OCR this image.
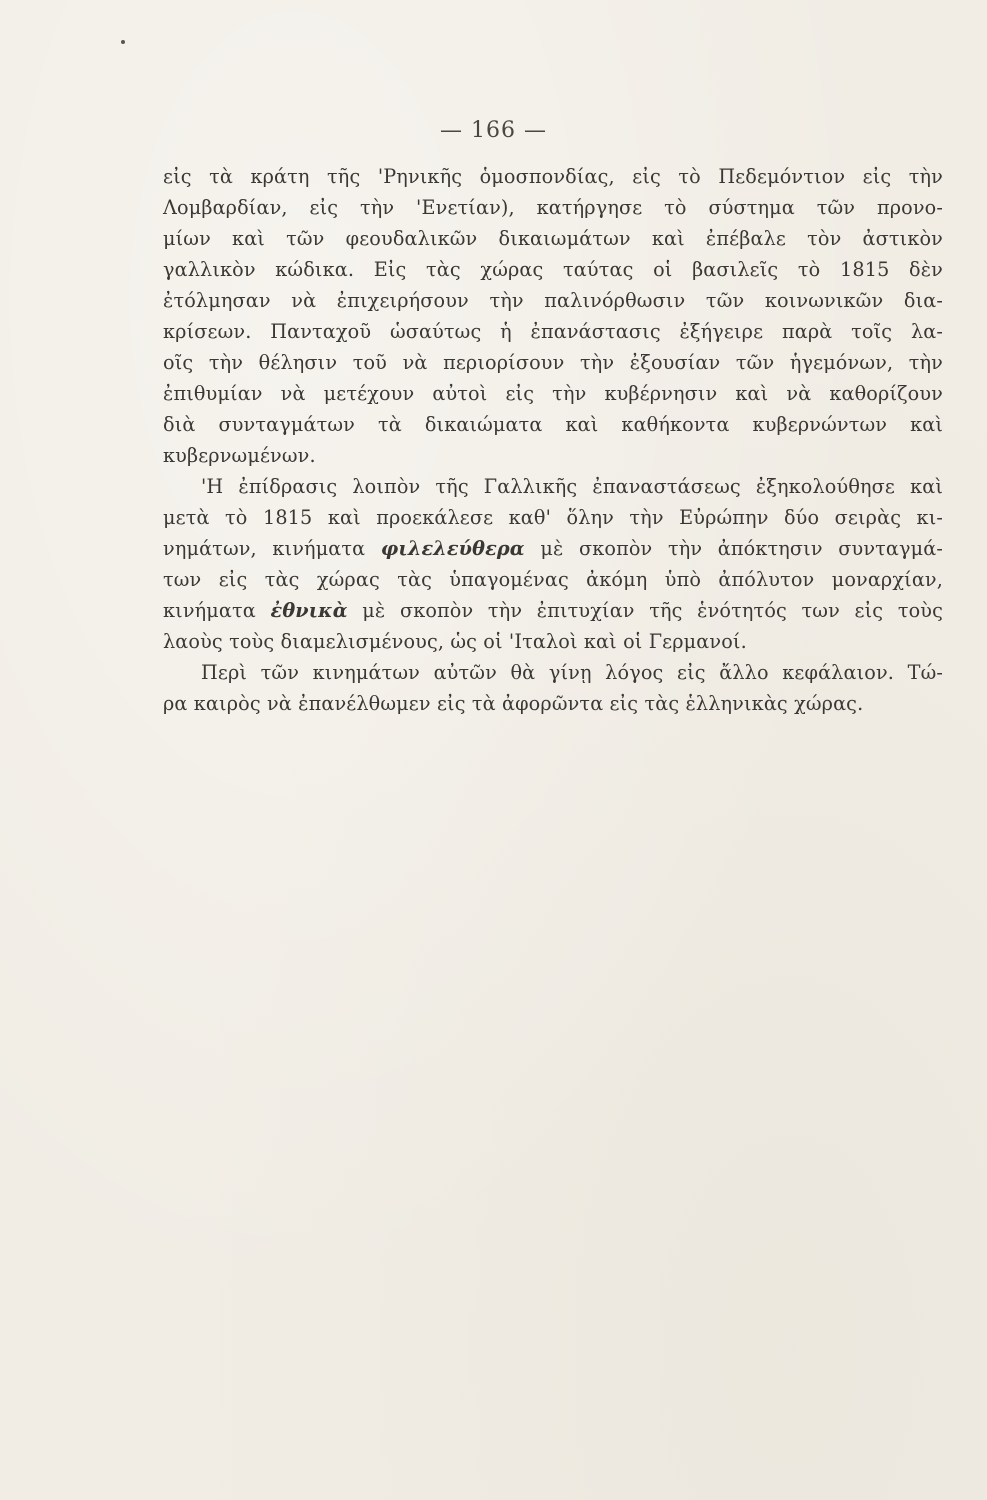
— 166 —
εἰς τὰ κράτη τῆς 'Ρηνικῆς ὁμοσπονδίας, εἰς τὸ Πεδεμόντιον εἰς τὴν
Λομβαρδίαν, εἰς τὴν 'Ενετίαν), κατήργησε τὸ σύστημα τῶν προνο-
μίων καὶ τῶν φεουδαλικῶν δικαιωμάτων καὶ ἐπέβαλε τὸν ἀστικὸν
γαλλικὸν κώδικα. Εἰς τὰς χώρας ταύτας οἱ βασιλεῖς τὸ 1815 δὲν
ἐτόλμησαν νὰ ἐπιχειρήσουν τὴν παλινόρθωσιν τῶν κοινωνικῶν δια-
κρίσεων. Πανταχοῦ ὡσαύτως ἡ ἐπανάστασις ἐξήγειρε παρὰ τοῖς λα-
οῖς τὴν θέλησιν τοῦ νὰ περιορίσουν τὴν ἐξουσίαν τῶν ἡγεμόνων, τὴν
ἐπιθυμίαν νὰ μετέχουν αὐτοὶ εἰς τὴν κυβέρνησιν καὶ νὰ καθορίζουν
διὰ συνταγμάτων τὰ δικαιώματα καὶ καθήκοντα κυβερνώντων καὶ
κυβερνωμένων.
'Η ἐπίδρασις λοιπὸν τῆς Γαλλικῆς ἐπαναστάσεως ἐξηκολούθησε καὶ
μετὰ τὸ 1815 καὶ προεκάλεσε καθ' ὅλην τὴν Εὐρώπην δύο σειρὰς κι-
νημάτων, κινήματα φιλελεύθερα μὲ σκοπὸν τὴν ἀπόκτησιν συνταγμά-
των εἰς τὰς χώρας τὰς ὑπαγομένας ἀκόμη ὑπὸ ἀπόλυτον μοναρχίαν,
κινήματα ἐθνικὰ μὲ σκοπὸν τὴν ἐπιτυχίαν τῆς ἑνότητός των εἰς τοὺς
λαοὺς τοὺς διαμελισμένους, ὡς οἱ 'Ιταλοὶ καὶ οἱ Γερμανοί.
Περὶ τῶν κινημάτων αὐτῶν θὰ γίνῃ λόγος εἰς ἄλλο κεφάλαιον. Τώ-
ρα καιρὸς νὰ ἐπανέλθωμεν εἰς τὰ ἀφορῶντα εἰς τὰς ἑλληνικὰς χώρας.
